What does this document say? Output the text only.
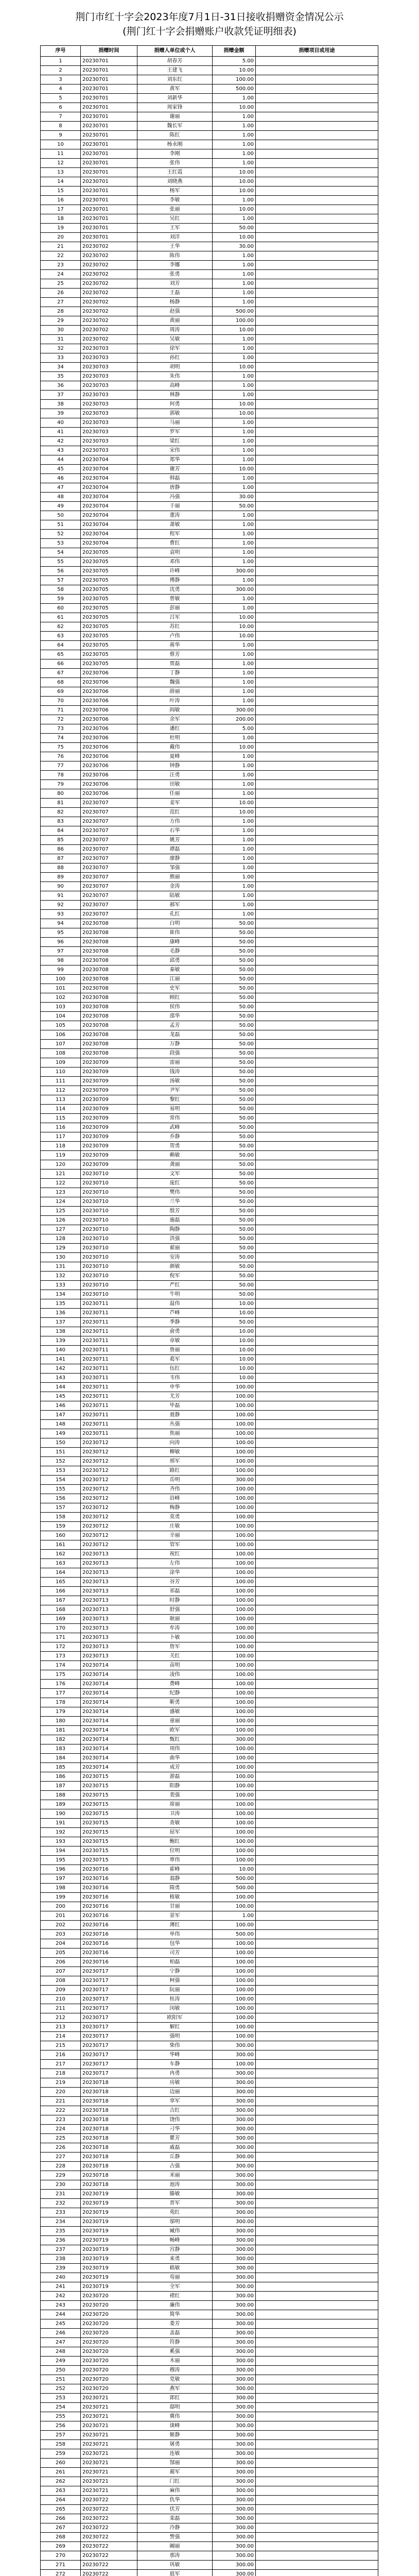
荆门市红十字会2023年度7月1日-31日接收捐赠资金情况公示
(荆门红十字会捐赠账户收款凭证明细表)
序号	捐赠时间	捐赠人单位或个人	捐赠金额	捐赠项目或用途
1	20230701	胡春芳	5.00	
2	20230701	王建飞	10.00	
3	20230701	刘东红	100.00	
4	20230701	黄军	500.00	
5	20230701	刘新华	1.00	
6	20230701	周家锋	10.00	
7	20230701	谢丽	1.00	
8	20230701	魏长军	1.00	
9	20230701	陈红	1.00	
10	20230701	杨永刚	1.00	
11	20230701	李刚	1.00	
12	20230701	张伟	1.00	
13	20230701	王红霞	10.00	
14	20230701	刘晓燕	10.00	
15	20230701	杨军	10.00	
16	20230701	李敏	1.00	
17	20230701	张丽	10.00	
18	20230701	吴红	1.00	
19	20230701	王军	50.00	
20	20230701	刘洋	10.00	
21	20230702	王华	30.00	
22	20230702	陈伟	1.00	
23	20230702	李娜	1.00	
24	20230702	张勇	1.00	
25	20230702	刘芳	1.00	
26	20230702	王磊	1.00	
27	20230702	杨静	1.00	
28	20230702	赵强	500.00	
29	20230702	黄丽	100.00	
30	20230702	周涛	10.00	
31	20230702	吴敏	1.00	
32	20230703	徐军	1.00	
33	20230703	孙红	1.00	
34	20230703	胡明	10.00	
35	20230703	朱伟	1.00	
36	20230703	高峰	1.00	
37	20230703	林静	1.00	
38	20230703	何勇	10.00	
39	20230703	郭敏	10.00	
40	20230703	马丽	1.00	
41	20230703	罗军	1.00	
42	20230703	梁红	1.00	
43	20230703	宋伟	1.00	
44	20230704	郑华	1.00	
45	20230704	谢芳	10.00	
46	20230704	韩磊	1.00	
47	20230704	唐静	1.00	
48	20230704	冯强	30.00	
49	20230704	于丽	50.00	
50	20230704	董涛	1.00	
51	20230704	萧敏	1.00	
52	20230704	程军	1.00	
53	20230704	曹红	1.00	
54	20230705	袁明	1.00	
55	20230705	邓伟	1.00	
56	20230705	许峰	300.00	
57	20230705	傅静	1.00	
58	20230705	沈勇	300.00	
59	20230705	曾敏	1.00	
60	20230705	彭丽	1.00	
61	20230705	吕军	10.00	
62	20230705	苏红	10.00	
63	20230705	卢伟	10.00	
64	20230705	蒋华	1.00	
65	20230705	蔡芳	1.00	
66	20230705	贾磊	1.00	
67	20230706	丁静	1.00	
68	20230706	魏强	1.00	
69	20230706	薛丽	1.00	
70	20230706	叶涛	1.00	
71	20230706	阎敏	300.00	
72	20230706	余军	200.00	
73	20230706	潘红	5.00	
74	20230706	杜明	1.00	
75	20230706	戴伟	10.00	
76	20230706	夏峰	1.00	
77	20230706	钟静	1.00	
78	20230706	汪勇	1.00	
79	20230706	田敏	1.00	
80	20230706	任丽	1.00	
81	20230707	姜军	10.00	
82	20230707	范红	10.00	
83	20230707	方伟	1.00	
84	20230707	石华	1.00	
85	20230707	姚芳	1.00	
86	20230707	谭磊	1.00	
87	20230707	廖静	1.00	
88	20230707	邹强	1.00	
89	20230707	熊丽	1.00	
90	20230707	金涛	1.00	
91	20230707	陆敏	1.00	
92	20230707	郝军	1.00	
93	20230707	孔红	1.00	
94	20230708	白明	50.00	
95	20230708	崔伟	50.00	
96	20230708	康峰	50.00	
97	20230708	毛静	50.00	
98	20230708	邱勇	50.00	
99	20230708	秦敏	50.00	
100	20230708	江丽	50.00	
101	20230708	史军	50.00	
102	20230708	顾红	50.00	
103	20230708	侯伟	50.00	
104	20230708	邵华	50.00	
105	20230708	孟芳	50.00	
106	20230708	龙磊	50.00	
107	20230708	万静	50.00	
108	20230708	段强	50.00	
109	20230709	雷丽	50.00	
110	20230709	钱涛	50.00	
111	20230709	汤敏	50.00	
112	20230709	尹军	50.00	
113	20230709	黎红	50.00	
114	20230709	易明	50.00	
115	20230709	常伟	50.00	
116	20230709	武峰	50.00	
117	20230709	乔静	50.00	
118	20230709	贺勇	50.00	
119	20230709	赖敏	50.00	
120	20230709	龚丽	50.00	
121	20230710	文军	50.00	
122	20230710	庞红	50.00	
123	20230710	樊伟	50.00	
124	20230710	兰华	50.00	
125	20230710	殷芳	50.00	
126	20230710	施磊	50.00	
127	20230710	陶静	50.00	
128	20230710	洪强	50.00	
129	20230710	翟丽	50.00	
130	20230710	安涛	50.00	
131	20230710	颜敏	50.00	
132	20230710	倪军	50.00	
133	20230710	严红	50.00	
134	20230710	牛明	50.00	
135	20230711	温伟	10.00	
136	20230711	芦峰	10.00	
137	20230711	季静	50.00	
138	20230711	俞勇	10.00	
139	20230711	章敏	10.00	
140	20230711	鲁丽	10.00	
141	20230711	葛军	10.00	
142	20230711	伍红	10.00	
143	20230711	韦伟	10.00	
144	20230711	申华	100.00	
145	20230711	尤芳	100.00	
146	20230711	毕磊	100.00	
147	20230711	聂静	100.00	
148	20230711	丛强	100.00	
149	20230711	焦丽	100.00	
150	20230712	向涛	100.00	
151	20230712	柳敏	100.00	
152	20230712	邢军	100.00	
153	20230712	路红	100.00	
154	20230712	岳明	300.00	
155	20230712	齐伟	100.00	
156	20230712	沿峰	100.00	
157	20230712	梅静	100.00	
158	20230712	莫勇	100.00	
159	20230712	庄敏	100.00	
160	20230712	辛丽	100.00	
161	20230712	管军	100.00	
162	20230713	祝红	100.00	
163	20230713	左伟	100.00	
164	20230713	涂华	100.00	
165	20230713	谷芳	100.00	
166	20230713	祁磊	100.00	
167	20230713	时静	100.00	
168	20230713	舒强	100.00	
169	20230713	耿丽	100.00	
170	20230713	牟涛	100.00	
171	20230713	卜敏	100.00	
172	20230713	詹军	100.00	
173	20230713	关红	100.00	
174	20230714	苗明	100.00	
175	20230714	凌伟	100.00	
176	20230714	费峰	100.00	
177	20230714	纪静	100.00	
178	20230714	靳勇	100.00	
179	20230714	盛敏	100.00	
180	20230714	童丽	100.00	
181	20230714	欧军	100.00	
182	20230714	甄红	300.00	
183	20230714	项伟	100.00	
184	20230714	曲华	100.00	
185	20230714	成芳	100.00	
186	20230715	游磊	100.00	
187	20230715	阳静	100.00	
188	20230715	裴强	100.00	
189	20230715	席丽	100.00	
190	20230715	卫涛	100.00	
191	20230715	查敏	100.00	
192	20230715	屈军	100.00	
193	20230715	鲍红	100.00	
194	20230715	位明	100.00	
195	20230715	覃伟	100.00	
196	20230716	霍峰	10.00	
197	20230716	翁静	500.00	
198	20230716	隋勇	500.00	
199	20230716	植敏	100.00	
200	20230716	甘丽	100.00	
201	20230716	景军	1.00	
202	20230716	薄红	100.00	
203	20230716	单伟	500.00	
204	20230716	包华	100.00	
205	20230716	司芳	100.00	
206	20230716	柏磊	100.00	
207	20230717	宁静	100.00	
208	20230717	柯强	100.00	
209	20230717	阮丽	100.00	
210	20230717	桂涛	100.00	
211	20230717	闵敏	100.00	
212	20230717	欧阳军	100.00	
213	20230717	解红	100.00	
214	20230717	强明	100.00	
215	20230717	柴伟	300.00	
216	20230717	华峰	300.00	
217	20230717	车静	100.00	
218	20230717	冉勇	300.00	
219	20230718	房敏	300.00	
220	20230718	边丽	300.00	
221	20230718	辜军	300.00	
222	20230718	吉红	300.00	
223	20230718	饶伟	300.00	
224	20230718	刁华	300.00	
225	20230718	瞿芳	300.00	
226	20230718	戚磊	300.00	
227	20230718	丘静	300.00	
228	20230718	古强	300.00	
229	20230718	米丽	300.00	
230	20230718	池涛	300.00	
231	20230719	滕敏	300.00	
232	20230719	晋军	300.00	
233	20230719	苑红	300.00	
234	20230719	邬明	300.00	
235	20230719	臧伟	300.00	
236	20230719	畅峰	300.00	
237	20230719	宫静	300.00	
238	20230719	来勇	300.00	
239	20230719	嵇敏	300.00	
240	20230719	苟丽	300.00	
241	20230719	全军	300.00	
242	20230720	褚红	300.00	
243	20230720	廉伟	300.00	
244	20230720	简华	300.00	
245	20230720	娄芳	300.00	
246	20230720	盖磊	300.00	
247	20230720	符静	300.00	
248	20230720	奚强	300.00	
249	20230720	木丽	300.00	
250	20230720	穆涛	300.00	
251	20230720	党敏	300.00	
252	20230720	燕军	300.00	
253	20230721	郎红	300.00	
254	20230721	邸明	300.00	
255	20230721	冀伟	300.00	
256	20230721	谈峰	300.00	
257	20230721	姬静	300.00	
258	20230721	屠勇	300.00	
259	20230721	连敏	300.00	
260	20230721	郜丽	300.00	
261	20230721	蔺军	300.00	
262	20230721	门红	300.00	
263	20230721	麻伟	300.00	
264	20230722	仇华	300.00	
265	20230722	伏芳	300.00	
266	20230722	栾磊	300.00	
267	20230722	冷静	300.00	
268	20230722	訾强	300.00	
269	20230722	阚丽	300.00	
270	20230722	那涛	300.00	
271	20230722	巩敏	300.00	
272	20230722	扈军	300.00	
